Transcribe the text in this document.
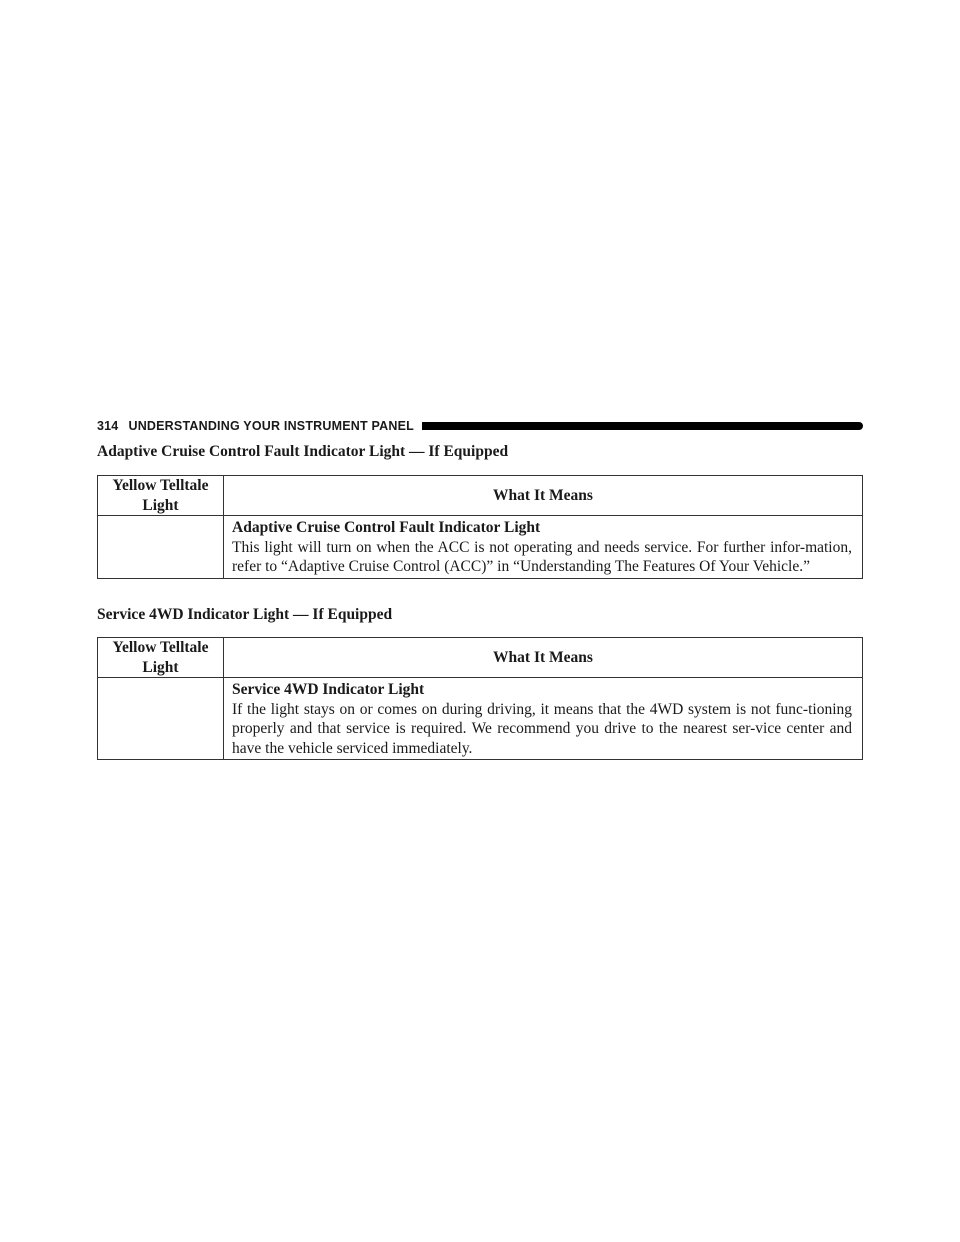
314 UNDERSTANDING YOUR INSTRUMENT PANEL
Adaptive Cruise Control Fault Indicator Light — If Equipped
Yellow Telltale Light	What It Means

	Adaptive Cruise Control Fault Indicator Light
This light will turn on when the ACC is not operating and needs service. For further infor-mation, refer to “Adaptive Cruise Control (ACC)” in “Understanding The Features Of Your Vehicle.”
Service 4WD Indicator Light — If Equipped
Yellow Telltale Light	What It Means

	Service 4WD Indicator Light
If the light stays on or comes on during driving, it means that the 4WD system is not func-tioning properly and that service is required. We recommend you drive to the nearest ser-vice center and have the vehicle serviced immediately.
